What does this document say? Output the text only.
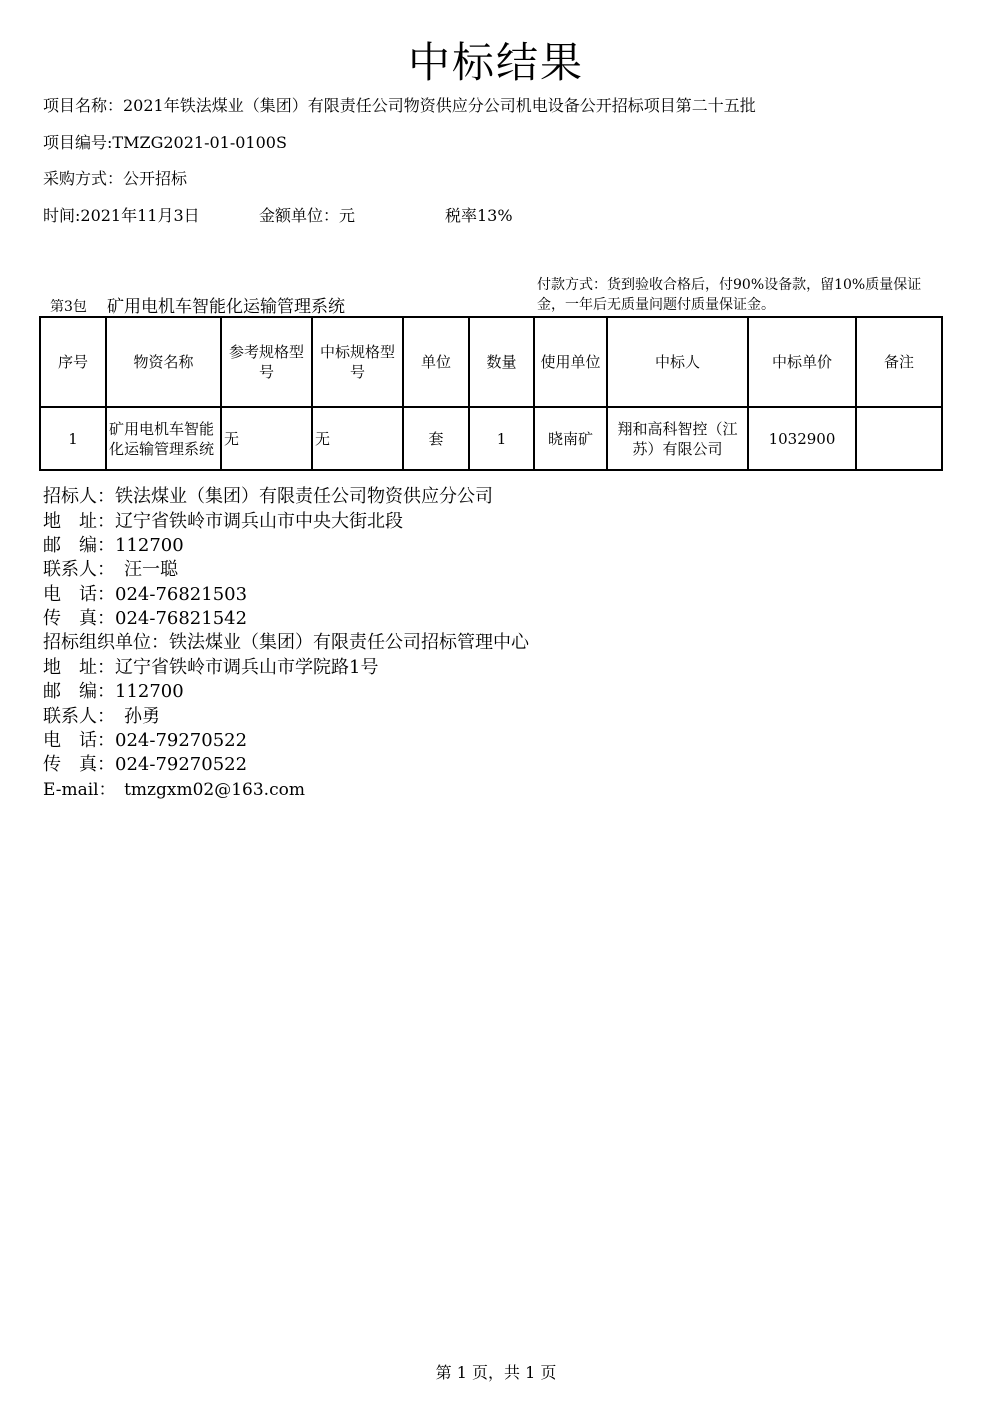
中标结果
项目名称：2021年铁法煤业（集团）有限责任公司物资供应分公司机电设备公开招标项目第二十五批
项目编号:TMZG2021-01-0100S
采购方式：公开招标
时间:2021年11月3日	金额单位：元	税率13%
第3包 矿用电机车智能化运输管理系统
付款方式：货到验收合格后，付90%设备款，留10%质量保证金，一年后无质量问题付质量保证金。
序号	物资名称	参考规格型号	中标规格型号	单位	数量	使用单位	中标人	中标单价	备注
1	矿用电机车智能化运输管理系统	无	无	套	1	晓南矿	翔和高科智控（江苏）有限公司	1032900	
招标人：铁法煤业（集团）有限责任公司物资供应分公司
地　址：辽宁省铁岭市调兵山市中央大街北段
邮　编：112700
联系人：　汪一聪
电　话：024-76821503
传　真：024-76821542
招标组织单位：铁法煤业（集团）有限责任公司招标管理中心
地　址：辽宁省铁岭市调兵山市学院路1号
邮　编：112700
联系人：　孙勇
电　话：024-79270522
传　真：024-79270522
E-mail：　tmzgxm02@163.com
第 1 页，共 1 页
